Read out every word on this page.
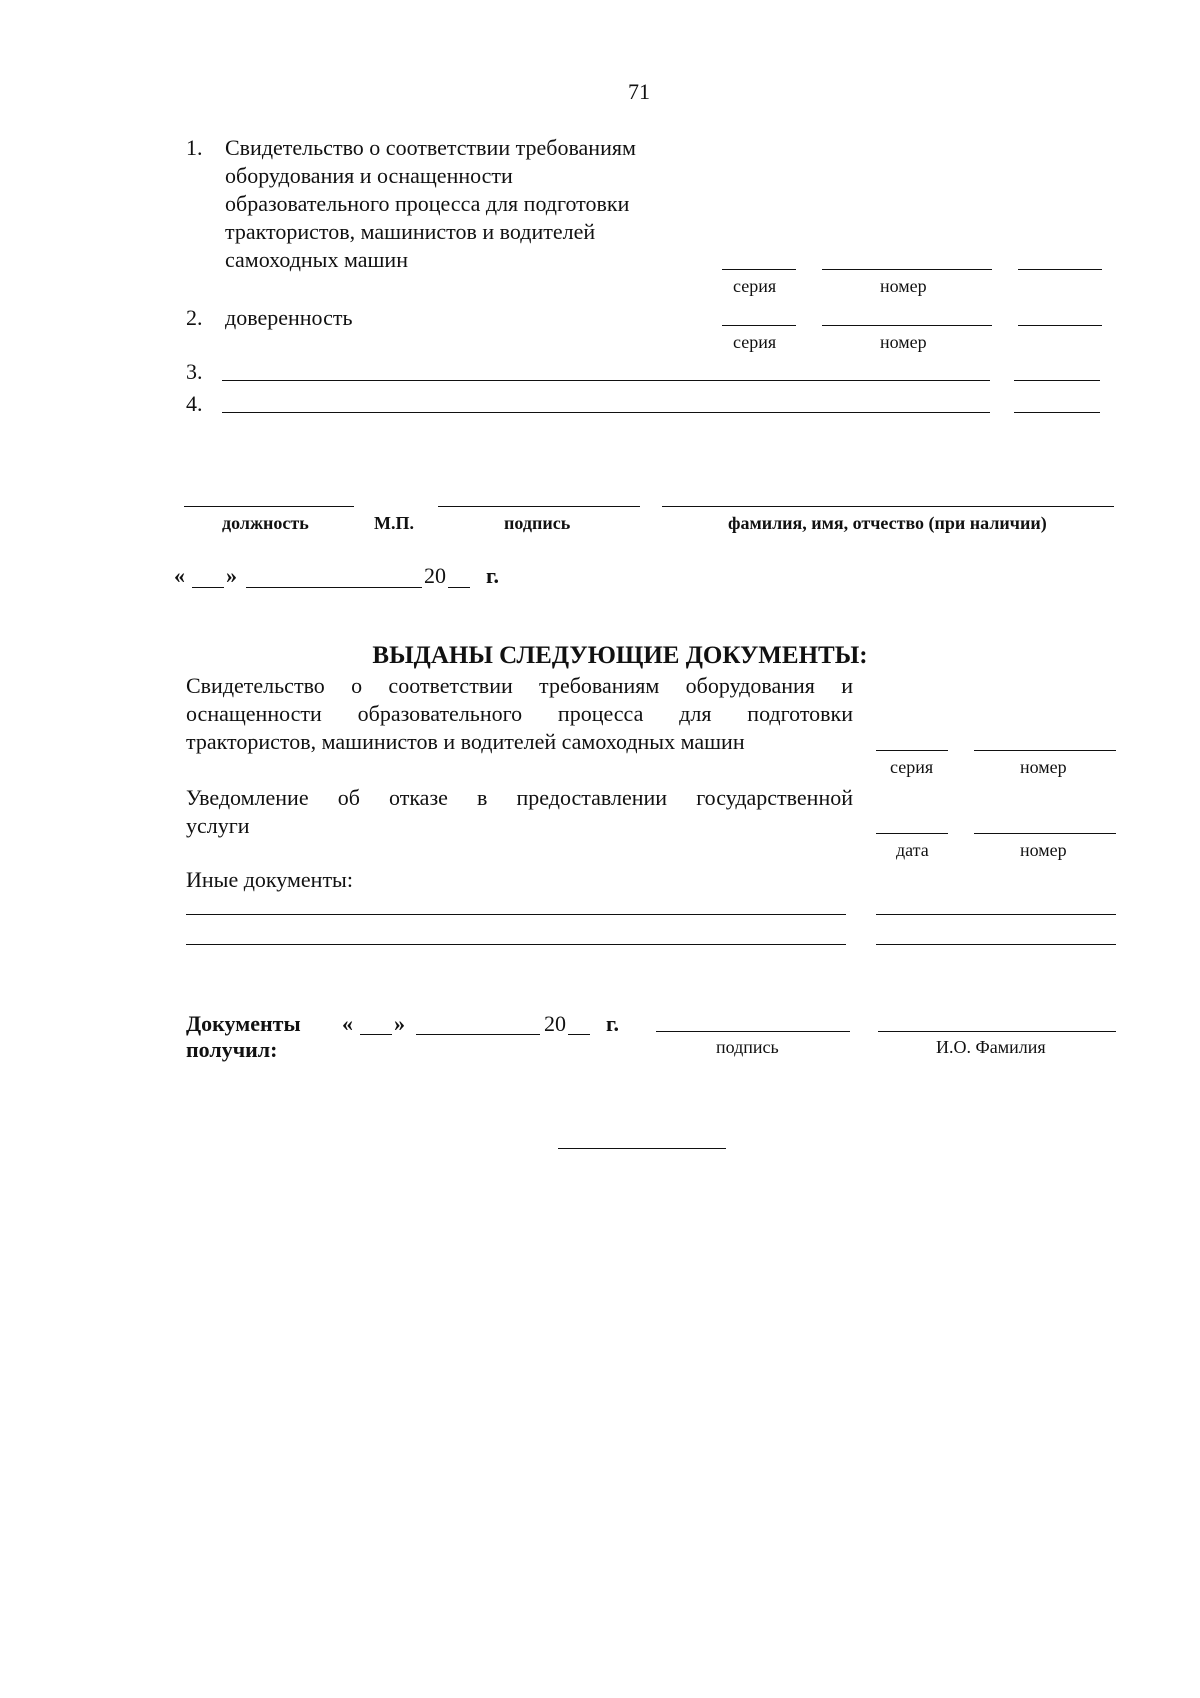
71
1. Свидетельство о соответствии требованиям
оборудования и оснащенности
образовательного процесса для подготовки
трактористов, машинистов и водителей
самоходных машин
серия	номер
2. доверенность
серия	номер
3.
4.
должность	М.П.	подпись	фамилия, имя, отчество (при наличии)
« »	20 г.
ВЫДАНЫ СЛЕДУЮЩИЕ ДОКУМЕНТЫ:
Свидетельство о соответствии требованиям оборудования и
оснащенности образовательного процесса для подготовки
трактористов, машинистов и водителей самоходных машин
серия	номер
Уведомление об отказе в предоставлении государственной
услуги
дата	номер
Иные документы:
Документы
получил:
« »	20 г.
подпись	И.О. Фамилия
